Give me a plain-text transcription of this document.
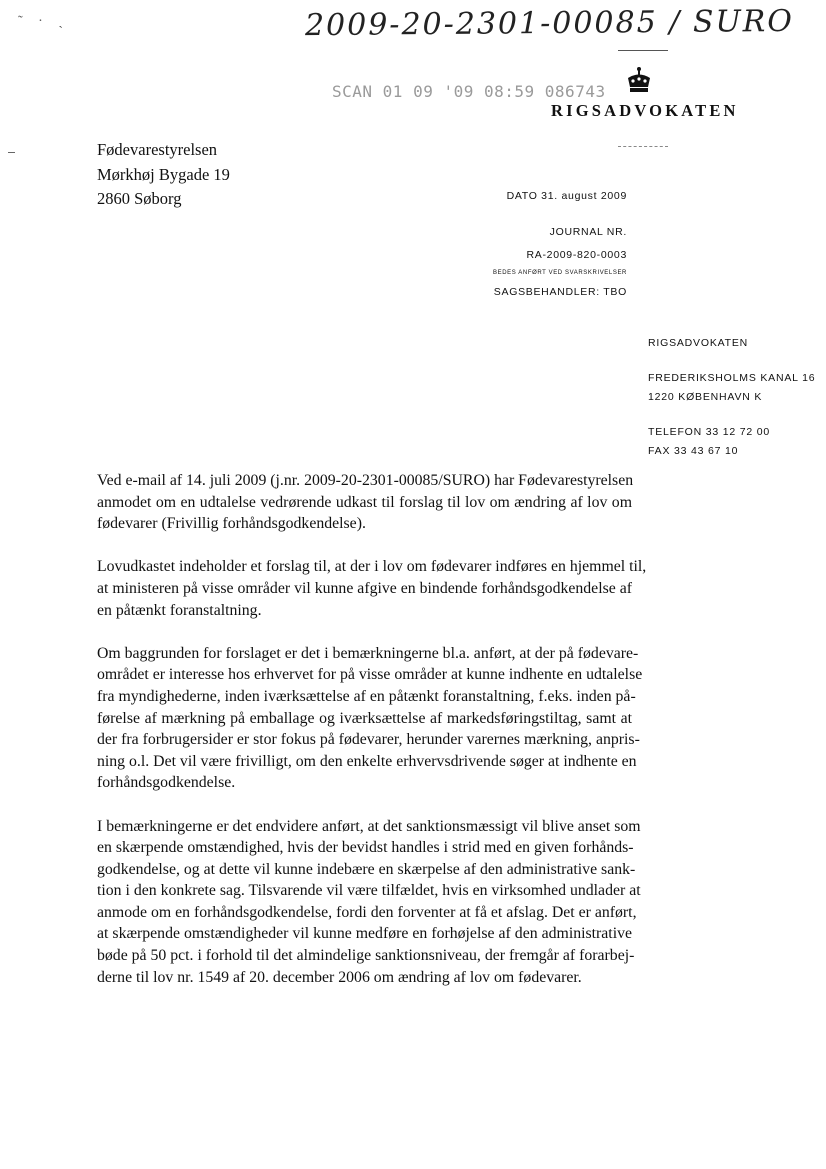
˜ · ˏ	2009-20-2301-00085 / SURO
SCAN 01 09 '09 08:59 086743
RIGSADVOKATEN
Fødevarestyrelsen
Mørkhøj Bygade 19
2860 Søborg	DATO 31. august 2009
JOURNAL NR.
RA-2009-820-0003
BEDES ANFØRT VED SVARSKRIVELSER
SAGSBEHANDLER: TBO
RIGSADVOKATEN
FREDERIKSHOLMS KANAL 16
1220 KØBENHAVN K
TELEFON 33 12 72 00
FAX 33 43 67 10

Ved e-mail af 14. juli 2009 (j.nr. 2009-20-2301-00085/SURO) har Fødevarestyrelsen
anmodet om en udtalelse vedrørende udkast til forslag til lov om ændring af lov om
fødevarer (Frivillig forhåndsgodkendelse).

Lovudkastet indeholder et forslag til, at der i lov om fødevarer indføres en hjemmel til,
at ministeren på visse områder vil kunne afgive en bindende forhåndsgodkendelse af
en påtænkt foranstaltning.

Om baggrunden for forslaget er det i bemærkningerne bl.a. anført, at der på fødevare-
området er interesse hos erhvervet for på visse områder at kunne indhente en udtalelse
fra myndighederne, inden iværksættelse af en påtænkt foranstaltning, f.eks. inden på-
førelse af mærkning på emballage og iværksættelse af markedsføringstiltag, samt at
der fra forbrugersider er stor fokus på fødevarer, herunder varernes mærkning, anpris-
ning o.l. Det vil være frivilligt, om den enkelte erhvervsdrivende søger at indhente en
forhåndsgodkendelse.

I bemærkningerne er det endvidere anført, at det sanktionsmæssigt vil blive anset som
en skærpende omstændighed, hvis der bevidst handles i strid med en given forhånds-
godkendelse, og at dette vil kunne indebære en skærpelse af den administrative sank-
tion i den konkrete sag. Tilsvarende vil være tilfældet, hvis en virksomhed undlader at
anmode om en forhåndsgodkendelse, fordi den forventer at få et afslag. Det er anført,
at skærpende omstændigheder vil kunne medføre en forhøjelse af den administrative
bøde på 50 pct. i forhold til det almindelige sanktionsniveau, der fremgår af forarbej-
derne til lov nr. 1549 af 20. december 2006 om ændring af lov om fødevarer.
